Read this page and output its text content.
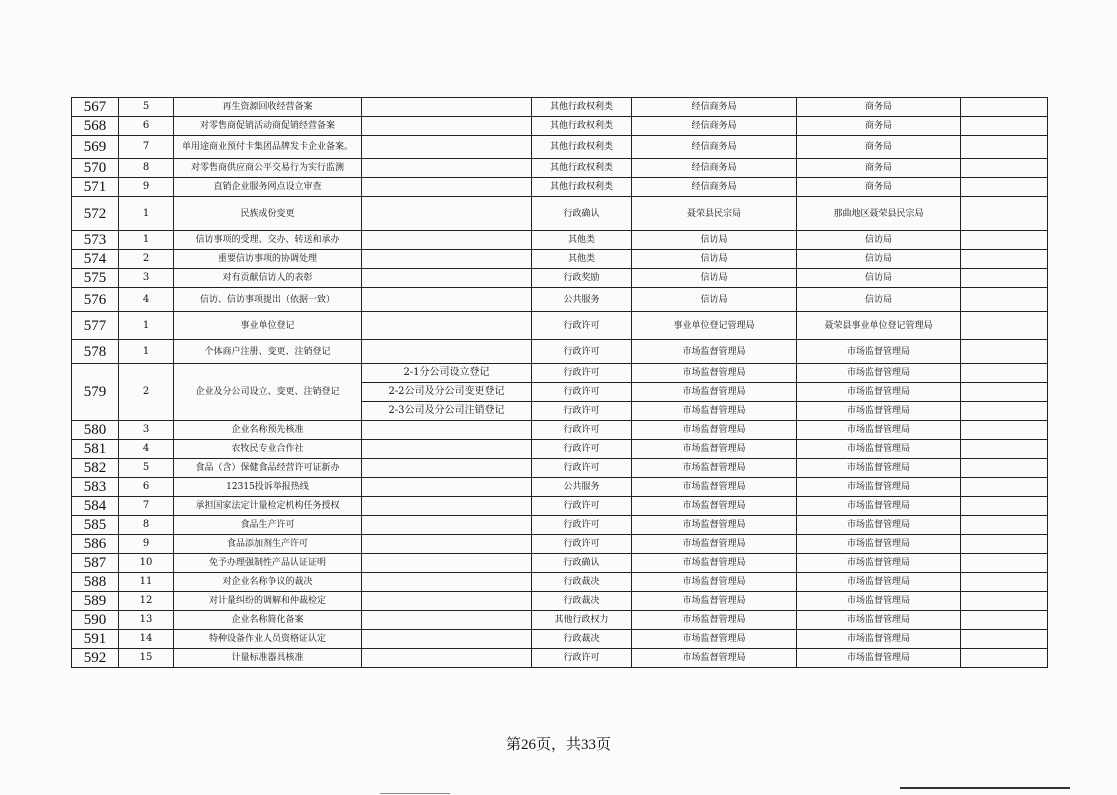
567	5	再生资源回收经营备案		其他行政权利类	经信商务局	商务局	
568	6	对零售商促销活动商促销经营备案		其他行政权利类	经信商务局	商务局	
569	7	单用途商业预付卡集团品牌发卡企业备案。		其他行政权利类	经信商务局	商务局	
570	8	对零售商供应商公平交易行为实行监测		其他行政权利类	经信商务局	商务局	
571	9	直销企业服务网点设立审查		其他行政权利类	经信商务局	商务局	
572	1	民族成份变更		行政确认	聂荣县民宗局	那曲地区聂荣县民宗局	
573	1	信访事项的受理、交办、转送和承办		其他类	信访局	信访局	
574	2	重要信访事项的协调处理		其他类	信访局	信访局	
575	3	对有贡献信访人的表彰		行政奖励	信访局	信访局	
576	4	信访、信访事项提出（依据一致）		公共服务	信访局	信访局	
577	1	事业单位登记		行政许可	事业单位登记管理局	聂荣县事业单位登记管理局	
578	1	个体商户注册、变更、注销登记		行政许可	市场监督管理局	市场监督管理局	
579	2	企业及分公司设立、变更、注销登记	2-1分公司设立登记	行政许可	市场监督管理局	市场监督管理局	
			2-2公司及分公司变更登记	行政许可	市场监督管理局	市场监督管理局	
			2-3公司及分公司注销登记	行政许可	市场监督管理局	市场监督管理局	
580	3	企业名称预先核准		行政许可	市场监督管理局	市场监督管理局	
581	4	农牧民专业合作社		行政许可	市场监督管理局	市场监督管理局	
582	5	食品（含）保健食品经营许可证新办		行政许可	市场监督管理局	市场监督管理局	
583	6	12315投诉举报热线		公共服务	市场监督管理局	市场监督管理局	
584	7	承担国家法定计量检定机构任务授权		行政许可	市场监督管理局	市场监督管理局	
585	8	食品生产许可		行政许可	市场监督管理局	市场监督管理局	
586	9	食品添加剂生产许可		行政许可	市场监督管理局	市场监督管理局	
587	10	免予办理强制性产品认证证明		行政确认	市场监督管理局	市场监督管理局	
588	11	对企业名称争议的裁决		行政裁决	市场监督管理局	市场监督管理局	
589	12	对计量纠纷的调解和仲裁检定		行政裁决	市场监督管理局	市场监督管理局	
590	13	企业名称简化备案		其他行政权力	市场监督管理局	市场监督管理局	
591	14	特种设备作业人员资格证认定		行政裁决	市场监督管理局	市场监督管理局	
592	15	计量标准器具核准		行政许可	市场监督管理局	市场监督管理局	
第26页，共33页
